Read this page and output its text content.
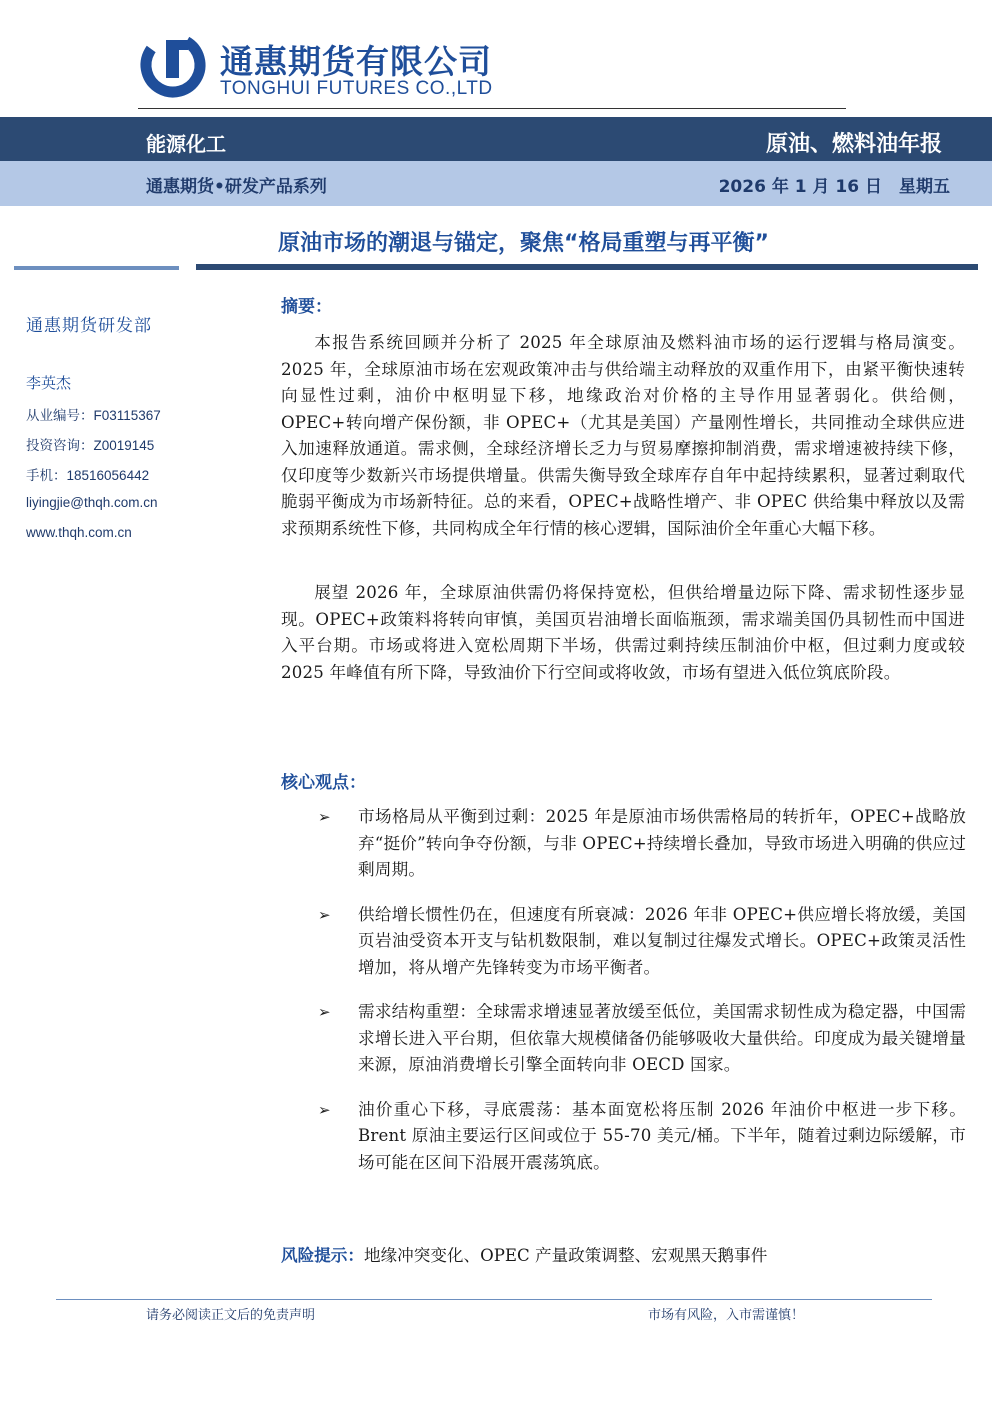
通惠期货有限公司
TONGHUI FUTURES CO.,LTD
能源化工	原油、燃料油年报
通惠期货•研发产品系列	2026 年 1 月 16 日　星期五
原油市场的潮退与锚定，聚焦“格局重塑与再平衡”
通惠期货研发部
李英杰
从业编号：F03115367
投资咨询：Z0019145
手机：18516056442
liyingjie@thqh.com.cn
www.thqh.com.cn
摘要：

本报告系统回顾并分析了 2025 年全球原油及燃料油市场的运行逻辑与格局演变。2025 年，全球原油市场在宏观政策冲击与供给端主动释放的双重作用下，由紧平衡快速转向显性过剩，油价中枢明显下移，地缘政治对价格的主导作用显著弱化。供给侧，OPEC+转向增产保份额，非 OPEC+（尤其是美国）产量刚性增长，共同推动全球供应进入加速释放通道。需求侧，全球经济增长乏力与贸易摩擦抑制消费，需求增速被持续下修，仅印度等少数新兴市场提供增量。供需失衡导致全球库存自年中起持续累积，显著过剩取代脆弱平衡成为市场新特征。总的来看，OPEC+战略性增产、非 OPEC 供给集中释放以及需求预期系统性下修，共同构成全年行情的核心逻辑，国际油价全年重心大幅下移。

展望 2026 年，全球原油供需仍将保持宽松，但供给增量边际下降、需求韧性逐步显现。OPEC+政策料将转向审慎，美国页岩油增长面临瓶颈，需求端美国仍具韧性而中国进入平台期。市场或将进入宽松周期下半场，供需过剩持续压制油价中枢，但过剩力度或较 2025 年峰值有所下降，导致油价下行空间或将收敛，市场有望进入低位筑底阶段。

核心观点：
➢ 市场格局从平衡到过剩：2025 年是原油市场供需格局的转折年，OPEC+战略放弃“挺价”转向争夺份额，与非 OPEC+持续增长叠加，导致市场进入明确的供应过剩周期。
➢ 供给增长惯性仍在，但速度有所衰减：2026 年非 OPEC+供应增长将放缓，美国页岩油受资本开支与钻机数限制，难以复制过往爆发式增长。OPEC+政策灵活性增加，将从增产先锋转变为市场平衡者。
➢ 需求结构重塑：全球需求增速显著放缓至低位，美国需求韧性成为稳定器，中国需求增长进入平台期，但依靠大规模储备仍能够吸收大量供给。印度成为最关键增量来源，原油消费增长引擎全面转向非 OECD 国家。
➢ 油价重心下移，寻底震荡：基本面宽松将压制 2026 年油价中枢进一步下移。Brent 原油主要运行区间或位于 55-70 美元/桶。下半年，随着过剩边际缓解，市场可能在区间下沿展开震荡筑底。
风险提示：地缘冲突变化、OPEC 产量政策调整、宏观黑天鹅事件
请务必阅读正文后的免责声明	市场有风险，入市需谨慎！
